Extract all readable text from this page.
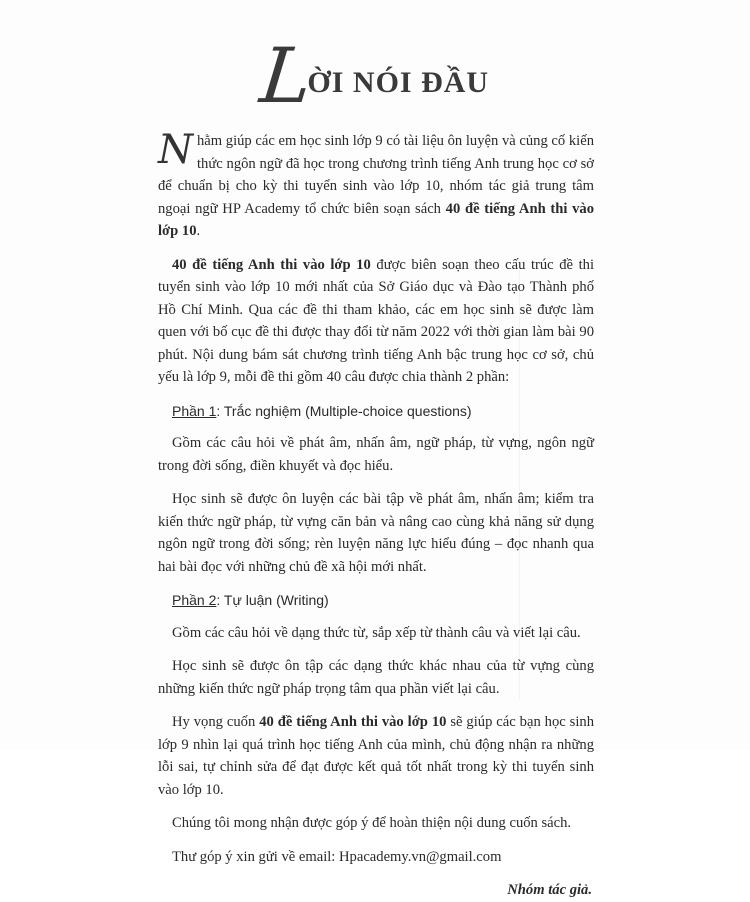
L
ỜI NÓI ĐẦU

Nhằm giúp các em học sinh lớp 9 có tài liệu ôn luyện và củng cố kiến thức ngôn ngữ đã học trong chương trình tiếng Anh trung học cơ sở để chuẩn bị cho kỳ thi tuyển sinh vào lớp 10, nhóm tác giả trung tâm ngoại ngữ HP Academy tổ chức biên soạn sách 40 đề tiếng Anh thi vào lớp 10.

40 đề tiếng Anh thi vào lớp 10 được biên soạn theo cấu trúc đề thi tuyển sinh vào lớp 10 mới nhất của Sở Giáo dục và Đào tạo Thành phố Hồ Chí Minh. Qua các đề thi tham khảo, các em học sinh sẽ được làm quen với bố cục đề thi được thay đổi từ năm 2022 với thời gian làm bài 90 phút. Nội dung bám sát chương trình tiếng Anh bậc trung học cơ sở, chủ yếu là lớp 9, mỗi đề thi gồm 40 câu được chia thành 2 phần:

Phần 1: Trắc nghiệm (Multiple-choice questions)

Gồm các câu hỏi về phát âm, nhấn âm, ngữ pháp, từ vựng, ngôn ngữ trong đời sống, điền khuyết và đọc hiểu.

Học sinh sẽ được ôn luyện các bài tập về phát âm, nhấn âm; kiểm tra kiến thức ngữ pháp, từ vựng căn bản và nâng cao cùng khả năng sử dụng ngôn ngữ trong đời sống; rèn luyện năng lực hiểu đúng – đọc nhanh qua hai bài đọc với những chủ đề xã hội mới nhất.

Phần 2: Tự luận (Writing)

Gồm các câu hỏi về dạng thức từ, sắp xếp từ thành câu và viết lại câu.

Học sinh sẽ được ôn tập các dạng thức khác nhau của từ vựng cùng những kiến thức ngữ pháp trọng tâm qua phần viết lại câu.

Hy vọng cuốn 40 đề tiếng Anh thi vào lớp 10 sẽ giúp các bạn học sinh lớp 9 nhìn lại quá trình học tiếng Anh của mình, chủ động nhận ra những lỗi sai, tự chỉnh sửa để đạt được kết quả tốt nhất trong kỳ thi tuyển sinh vào lớp 10.

Chúng tôi mong nhận được góp ý để hoàn thiện nội dung cuốn sách.

Thư góp ý xin gửi về email: Hpacademy.vn@gmail.com

Nhóm tác giả.
